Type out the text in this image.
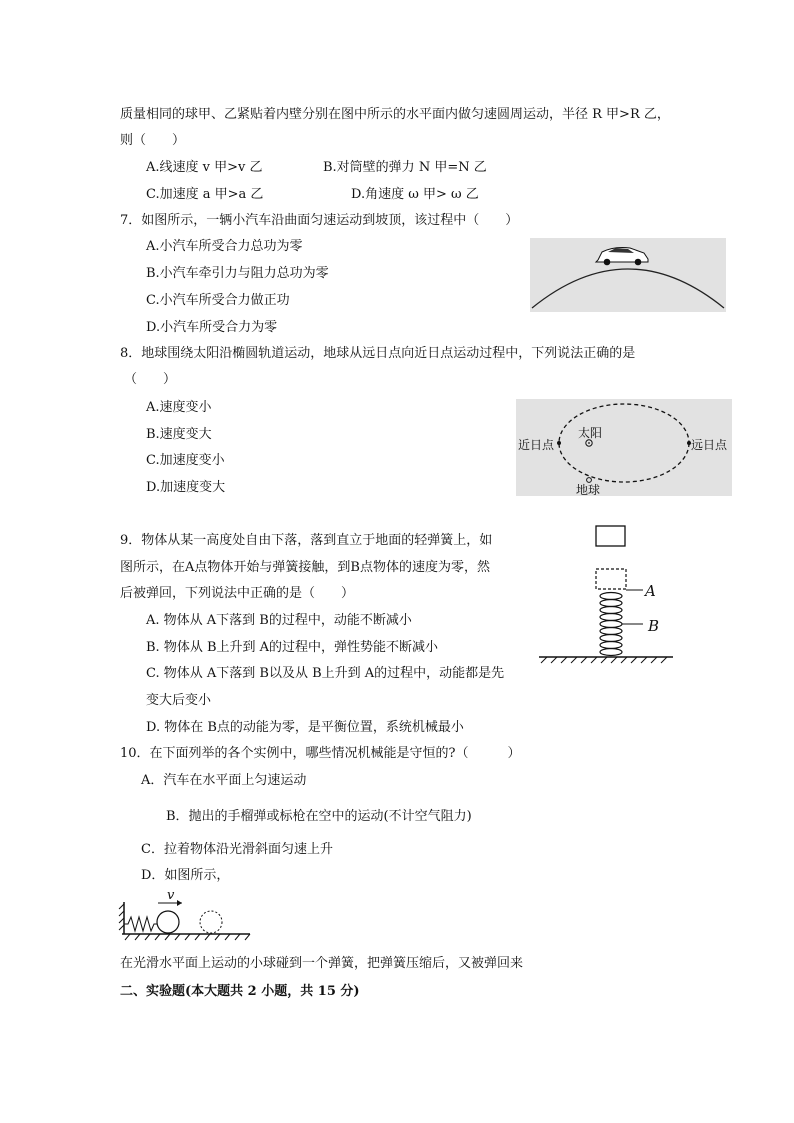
质量相同的球甲、乙紧贴着内壁分别在图中所示的水平面内做匀速圆周运动，半径 R 甲>R 乙，
则（　　）
A.线速度 v 甲>v 乙	B.对筒壁的弹力 N 甲=N 乙
C.加速度 a 甲>a 乙	D.角速度 ω 甲> ω 乙
7．如图所示，一辆小汽车沿曲面匀速运动到坡顶，该过程中（　　）
A.小汽车所受合力总功为零
B.小汽车牵引力与阻力总功为零
C.小汽车所受合力做正功
D.小汽车所受合力为零
8．地球围绕太阳沿椭圆轨道运动，地球从远日点向近日点运动过程中，下列说法正确的是
（　　）
A.速度变小
B.速度变大
C.加速度变小
D.加速度变大
近日点
太阳
远日点
地球
9．物体从某一高度处自由下落，落到直立于地面的轻弹簧上，如
图所示，在A点物体开始与弹簧接触，到B点物体的速度为零，然
后被弹回，下列说法中正确的是（　　）
A. 物体从 A下落到 B的过程中，动能不断减小
B. 物体从 B上升到 A的过程中，弹性势能不断减小
C. 物体从 A下落到 B以及从 B上升到 A的过程中，动能都是先
变大后变小
D. 物体在 B点的动能为零，是平衡位置，系统机械最小
A
B
10．在下面列举的各个实例中，哪些情况机械能是守恒的?（　　　）
A．汽车在水平面上匀速运动
B．抛出的手榴弹或标枪在空中的运动(不计空气阻力)
C．拉着物体沿光滑斜面匀速上升
D．如图所示，
v
在光滑水平面上运动的小球碰到一个弹簧，把弹簧压缩后，又被弹回来
二、实验题(本大题共 2 小题，共 15 分)
